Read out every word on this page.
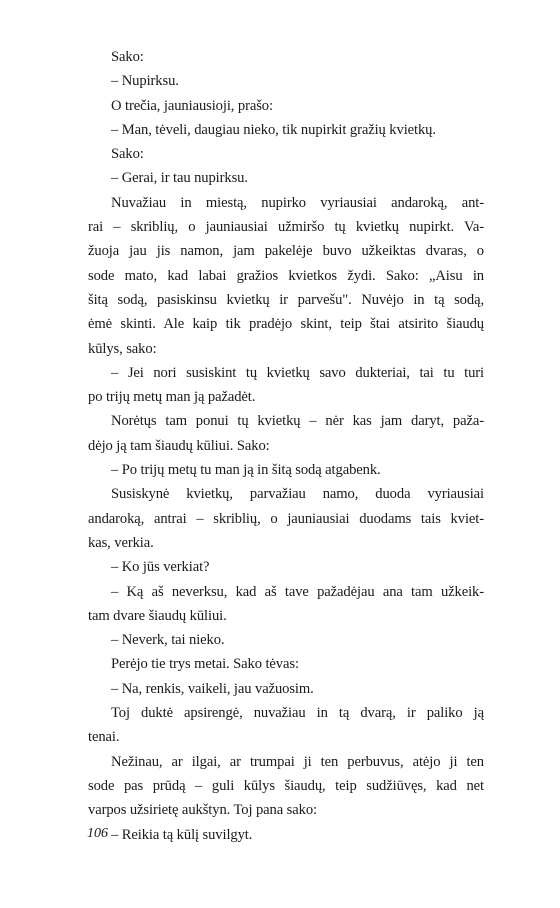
Sako:
– Nupirksu.
O trečia, jauniausioji, prašo:
– Man, tėveli, daugiau nieko, tik nupirkit gražių kvietkų.
Sako:
– Gerai, ir tau nupirksu.
Nuvažiau in miestą, nupirko vyriausiai andaroką, ant-
rai – skriblių, o jauniausiai užmiršo tų kvietkų nupirkt. Va-
žuoja jau jis namon, jam pakelėje buvo užkeiktas dvaras, o
sode mato, kad labai gražios kvietkos žydi. Sako: „Aisu in
šitą sodą, pasiskinsu kvietkų ir parvešu". Nuvėjo in tą sodą,
ėmė skinti. Ale kaip tik pradėjo skint, teip štai atsirito šiaudų
kūlys, sako:
– Jei nori susiskint tų kvietkų savo dukteriai, tai tu turi
po trijų metų man ją pažadėt.
Norėtųs tam ponui tų kvietkų – nėr kas jam daryt, paža-
dėjo ją tam šiaudų kūliui. Sako:
– Po trijų metų tu man ją in šitą sodą atgabenk.
Susiskynė kvietkų, parvažiau namo, duoda vyriausiai
andaroką, antrai – skriblių, o jauniausiai duodams tais kviet-
kas, verkia.
– Ko jūs verkiat?
– Ką aš neverksu, kad aš tave pažadėjau ana tam užkeik-
tam dvare šiaudų kūliui.
– Neverk, tai nieko.
Perėjo tie trys metai. Sako tėvas:
– Na, renkis, vaikeli, jau važuosim.
Toj duktė apsirengė, nuvažiau in tą dvarą, ir paliko ją
tenai.
Nežinau, ar ilgai, ar trumpai ji ten perbuvus, atėjo ji ten
sode pas prūdą – guli kūlys šiaudų, teip sudžiūvęs, kad net
varpos užsirietę aukštyn. Toj pana sako:
– Reikia tą kūlį suvilgyt.
106
